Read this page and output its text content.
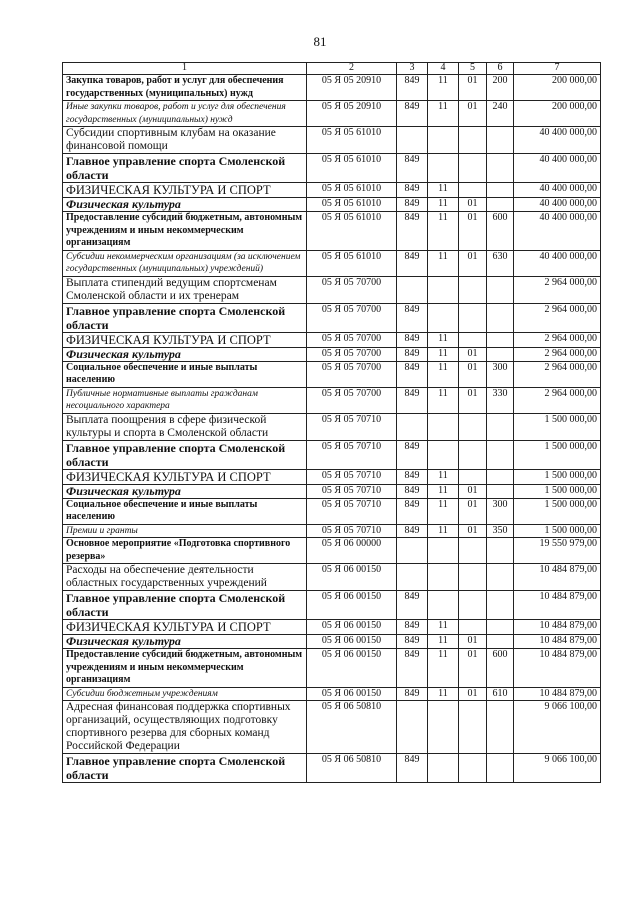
81
1	2	3	4	5	6	7
Закупка товаров, работ и услуг для обеспечения государственных (муниципальных) нужд	05 Я 05 20910	849	11	01	200	200 000,00
Иные закупки товаров, работ и услуг для обеспечения государственных (муниципальных) нужд	05 Я 05 20910	849	11	01	240	200 000,00
Субсидии спортивным клубам на оказание финансовой помощи	05 Я 05 61010					40 400 000,00
Главное управление спорта Смоленской области	05 Я 05 61010	849				40 400 000,00
ФИЗИЧЕСКАЯ КУЛЬТУРА И СПОРТ	05 Я 05 61010	849	11			40 400 000,00
Физическая культура	05 Я 05 61010	849	11	01		40 400 000,00
Предоставление субсидий бюджетным, автономным учреждениям и иным некоммерческим организациям	05 Я 05 61010	849	11	01	600	40 400 000,00
Субсидии некоммерческим организациям (за исключением государственных (муниципальных) учреждений)	05 Я 05 61010	849	11	01	630	40 400 000,00
Выплата стипендий ведущим спортсменам Смоленской области и их тренерам	05 Я 05 70700					2 964 000,00
Главное управление спорта Смоленской области	05 Я 05 70700	849				2 964 000,00
ФИЗИЧЕСКАЯ КУЛЬТУРА И СПОРТ	05 Я 05 70700	849	11			2 964 000,00
Физическая культура	05 Я 05 70700	849	11	01		2 964 000,00
Социальное обеспечение и иные выплаты населению	05 Я 05 70700	849	11	01	300	2 964 000,00
Публичные нормативные выплаты гражданам несоциального характера	05 Я 05 70700	849	11	01	330	2 964 000,00
Выплата поощрения в сфере физической культуры и спорта в Смоленской области	05 Я 05 70710					1 500 000,00
Главное управление спорта Смоленской области	05 Я 05 70710	849				1 500 000,00
ФИЗИЧЕСКАЯ КУЛЬТУРА И СПОРТ	05 Я 05 70710	849	11			1 500 000,00
Физическая культура	05 Я 05 70710	849	11	01		1 500 000,00
Социальное обеспечение и иные выплаты населению	05 Я 05 70710	849	11	01	300	1 500 000,00
Премии и гранты	05 Я 05 70710	849	11	01	350	1 500 000,00
Основное мероприятие «Подготовка спортивного резерва»	05 Я 06 00000					19 550 979,00
Расходы на обеспечение деятельности областных государственных учреждений	05 Я 06 00150					10 484 879,00
Главное управление спорта Смоленской области	05 Я 06 00150	849				10 484 879,00
ФИЗИЧЕСКАЯ КУЛЬТУРА И СПОРТ	05 Я 06 00150	849	11			10 484 879,00
Физическая культура	05 Я 06 00150	849	11	01		10 484 879,00
Предоставление субсидий бюджетным, автономным учреждениям и иным некоммерческим организациям	05 Я 06 00150	849	11	01	600	10 484 879,00
Субсидии бюджетным учреждениям	05 Я 06 00150	849	11	01	610	10 484 879,00
Адресная финансовая поддержка спортивных организаций, осуществляющих подготовку спортивного резерва для сборных команд Российской Федерации	05 Я 06 50810					9 066 100,00
Главное управление спорта Смоленской области	05 Я 06 50810	849				9 066 100,00
